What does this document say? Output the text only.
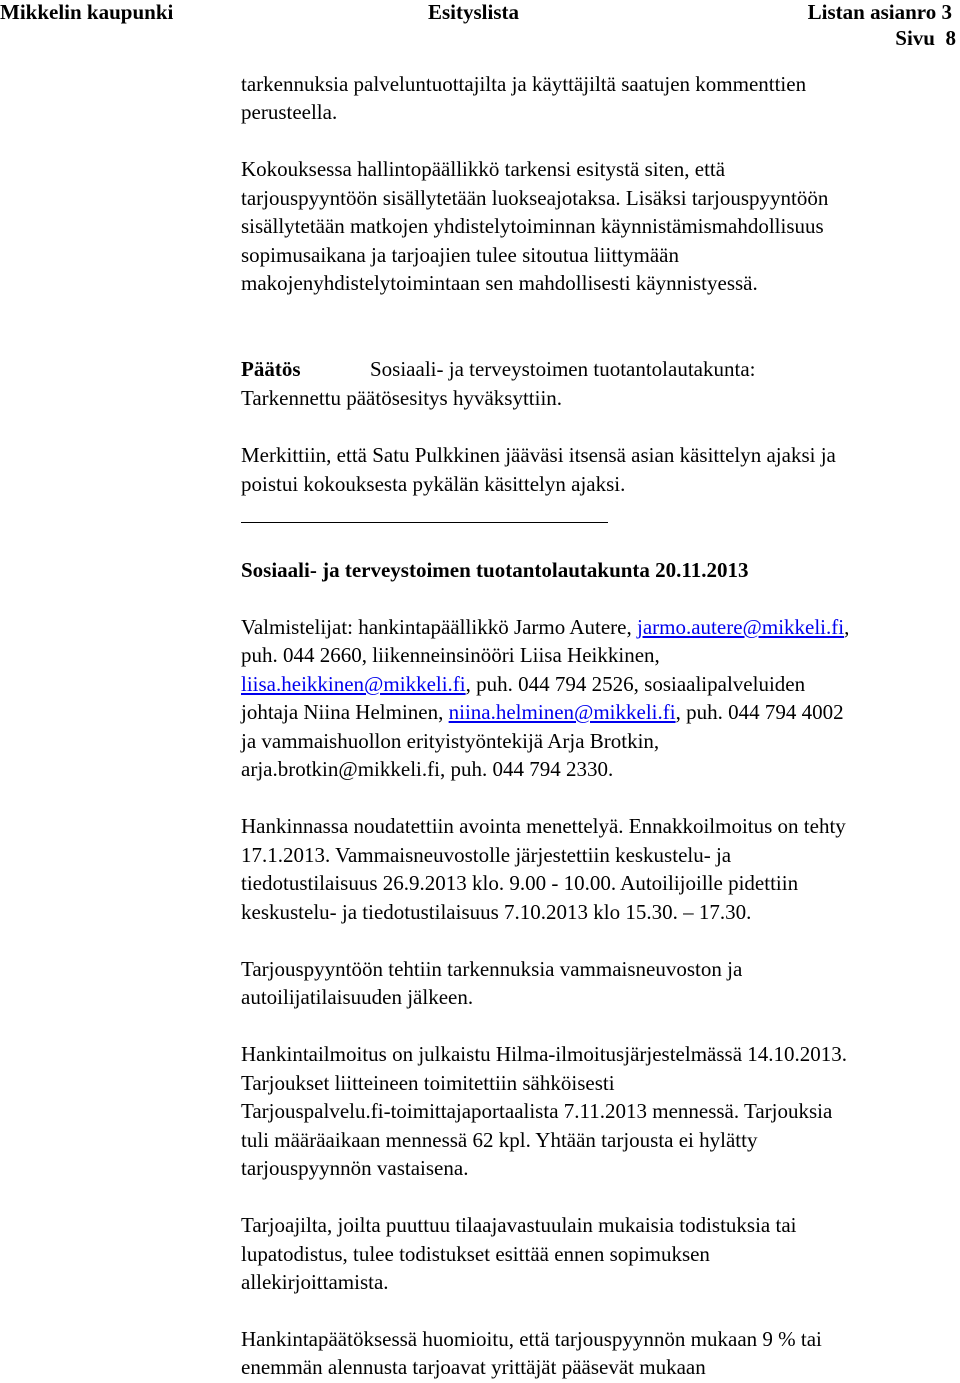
Mikkelin kaupunki	Esityslista	Listan asianro 3
Sivu  8
tarkennuksia palveluntuottajilta ja käyttäjiltä saatujen kommenttien
perusteella.
Kokouksessa hallintopäällikkö tarkensi esitystä siten, että
tarjouspyyntöön sisällytetään luokseajotaksa. Lisäksi tarjouspyyntöön
sisällytetään matkojen yhdistelytoiminnan käynnistämismahdollisuus
sopimusaikana ja tarjoajien tulee sitoutua liittymään
makojenyhdistelytoimintaan sen mahdollisesti käynnistyessä.
Päätös	Sosiaali- ja terveystoimen tuotantolautakunta:
Tarkennettu päätösesitys hyväksyttiin.
Merkittiin, että Satu Pulkkinen jääväsi itsensä asian käsittelyn ajaksi ja
poistui kokouksesta pykälän käsittelyn ajaksi.
Sosiaali- ja terveystoimen tuotantolautakunta 20.11.2013
Valmistelijat: hankintapäällikkö Jarmo Autere, jarmo.autere@mikkeli.fi,
puh. 044 2660, liikenneinsinööri Liisa Heikkinen,
liisa.heikkinen@mikkeli.fi, puh. 044 794 2526, sosiaalipalveluiden
johtaja Niina Helminen, niina.helminen@mikkeli.fi, puh. 044 794 4002
ja vammaishuollon erityistyöntekijä Arja Brotkin,
arja.brotkin@mikkeli.fi, puh. 044 794 2330.
Hankinnassa noudatettiin avointa menettelyä. Ennakkoilmoitus on tehty
17.1.2013. Vammaisneuvostolle järjestettiin keskustelu- ja
tiedotustilaisuus 26.9.2013 klo. 9.00 - 10.00. Autoilijoille pidettiin
keskustelu- ja tiedotustilaisuus 7.10.2013 klo 15.30. – 17.30.
Tarjouspyyntöön tehtiin tarkennuksia vammaisneuvoston ja
autoilijatilaisuuden jälkeen.
Hankintailmoitus on julkaistu Hilma-ilmoitusjärjestelmässä 14.10.2013.
Tarjoukset liitteineen toimitettiin sähköisesti
Tarjouspalvelu.fi-toimittajaportaalista 7.11.2013 mennessä. Tarjouksia
tuli määräaikaan mennessä 62 kpl. Yhtään tarjousta ei hylätty
tarjouspyynnön vastaisena.
Tarjoajilta, joilta puuttuu tilaajavastuulain mukaisia todistuksia tai
lupatodistus, tulee todistukset esittää ennen sopimuksen
allekirjoittamista.
Hankintapäätöksessä huomioitu, että tarjouspyynnön mukaan 9 % tai
enemmän alennusta tarjoavat yrittäjät pääsevät mukaan
